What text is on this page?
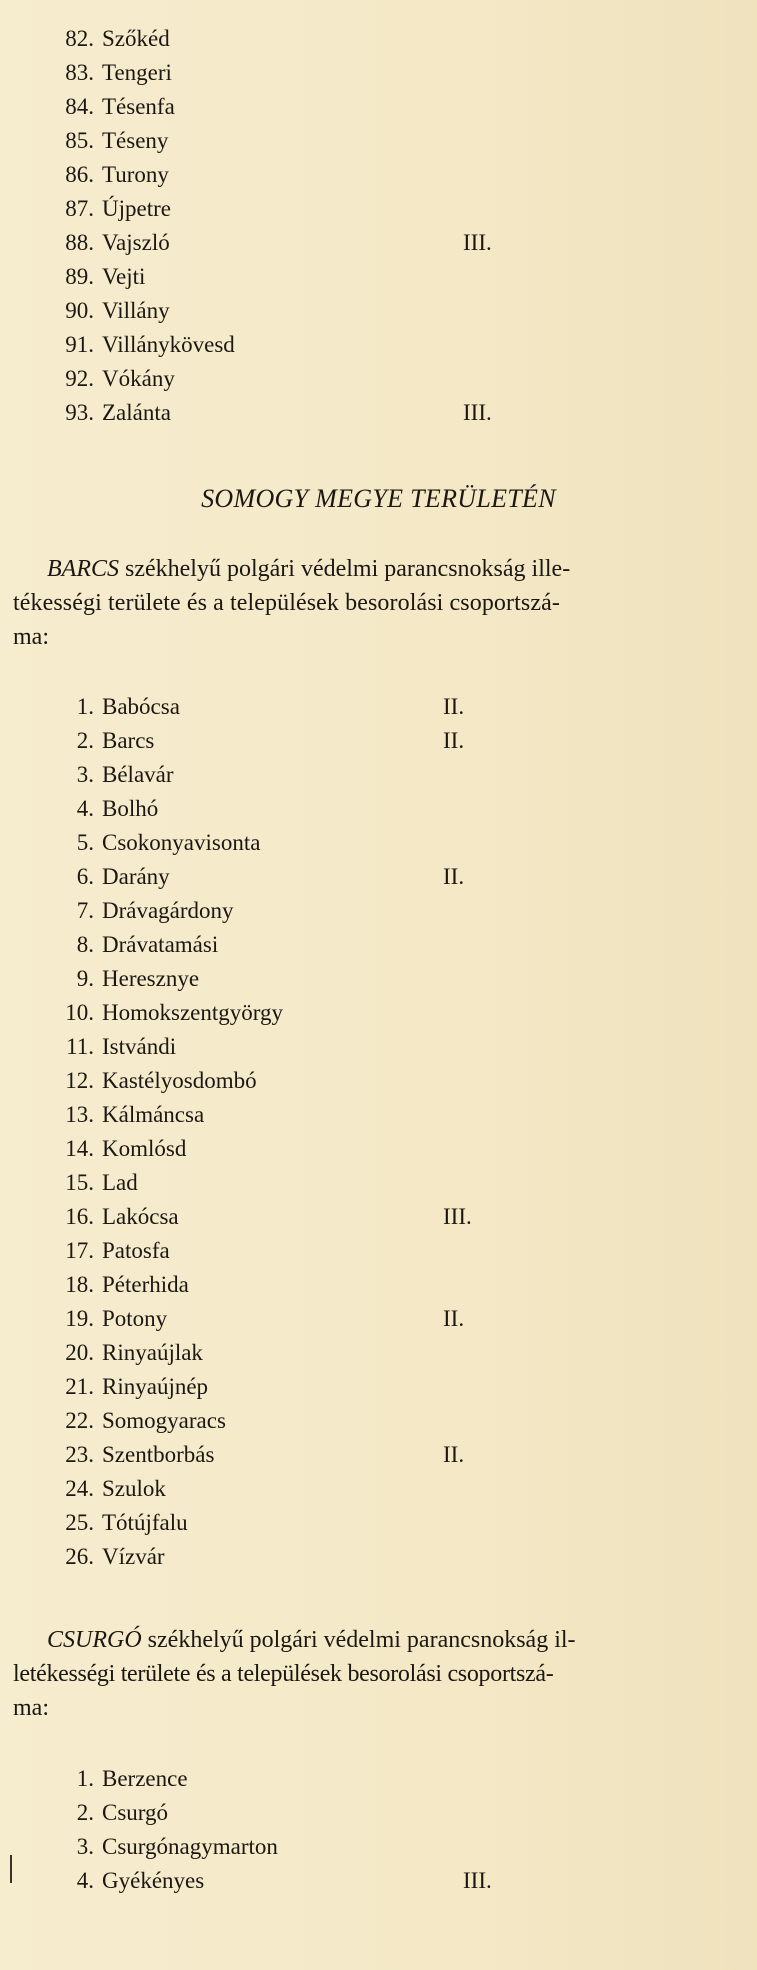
82. Szőkéd
83. Tengeri
84. Tésenfa
85. Téseny
86. Turony
87. Újpetre
88. Vajszló	III.
89. Vejti
90. Villány
91. Villánykövesd
92. Vókány
93. Zalánta	III.
SOMOGY MEGYE TERÜLETÉN
BARCS székhelyű polgári védelmi parancsnokság ille-
tékességi területe és a települések besorolási csoportszá-
ma:
1. Babócsa	II.
2. Barcs	II.
3. Bélavár
4. Bolhó
5. Csokonyavisonta
6. Darány	II.
7. Drávagárdony
8. Drávatamási
9. Heresznye
10. Homokszentgyörgy
11. Istvándi
12. Kastélyosdombó
13. Kálmáncsa
14. Komlósd
15. Lad
16. Lakócsa	III.
17. Patosfa
18. Péterhida
19. Potony	II.
20. Rinyaújlak
21. Rinyaújnép
22. Somogyaracs
23. Szentborbás	II.
24. Szulok
25. Tótújfalu
26. Vízvár
CSURGÓ székhelyű polgári védelmi parancsnokság il-
letékességi területe és a települések besorolási csoportszá-
ma:
1. Berzence
2. Csurgó
3. Csurgónagymarton
4. Gyékényes	III.
